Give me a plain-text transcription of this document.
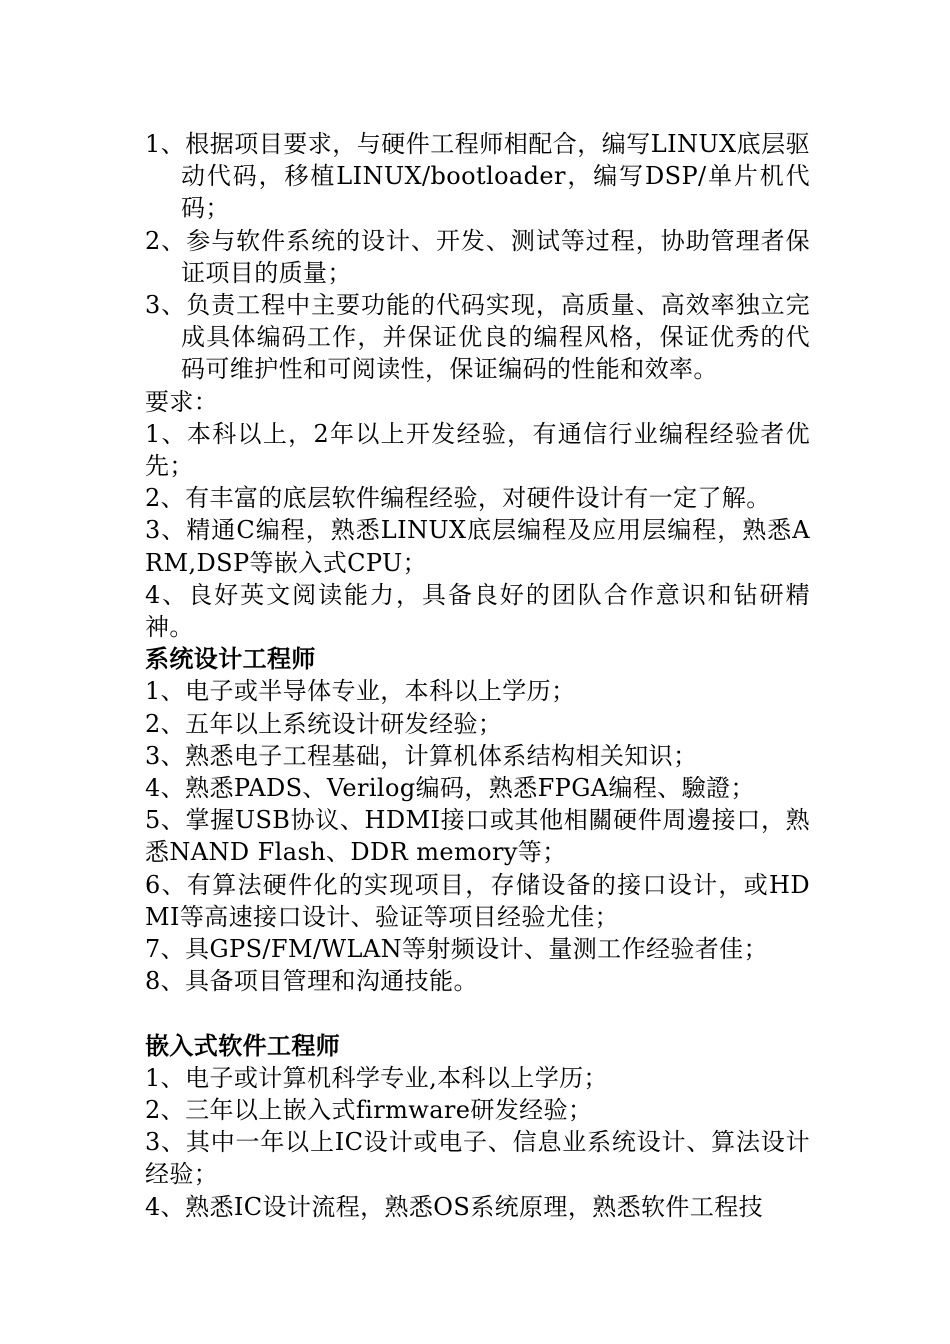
1、根据项目要求，与硬件工程师相配合，编写LINUX底层驱动代码，移植LINUX/bootloader，编写DSP/单片机代码；

2、参与软件系统的设计、开发、测试等过程，协助管理者保证项目的质量；

3、负责工程中主要功能的代码实现，高质量、高效率独立完成具体编码工作，并保证优良的编程风格，保证优秀的代码可维护性和可阅读性，保证编码的性能和效率。

要求：

1、本科以上，2年以上开发经验，有通信行业编程经验者优先；

2、有丰富的底层软件编程经验，对硬件设计有一定了解。

3、精通C编程，熟悉LINUX底层编程及应用层编程，熟悉ARM,DSP等嵌入式CPU；

4、良好英文阅读能力，具备良好的团队合作意识和钻研精神。

系统设计工程师

1、电子或半导体专业，本科以上学历；

2、五年以上系统设计研发经验；

3、熟悉电子工程基础，计算机体系结构相关知识；

4、熟悉PADS、Verilog编码，熟悉FPGA编程、驗證；

5、掌握USB协议、HDMI接口或其他相關硬件周邊接口，熟悉NAND Flash、DDR memory等；

6、有算法硬件化的实现项目，存储设备的接口设计，或HDMI等高速接口设计、验证等项目经验尤佳；

7、具GPS/FM/WLAN等射频设计、量测工作经验者佳；

8、具备项目管理和沟通技能。

嵌入式软件工程师

1、电子或计算机科学专业,本科以上学历；

2、三年以上嵌入式firmware研发经验；

3、其中一年以上IC设计或电子、信息业系统设计、算法设计经验；

4、熟悉IC设计流程，熟悉OS系统原理，熟悉软件工程技
